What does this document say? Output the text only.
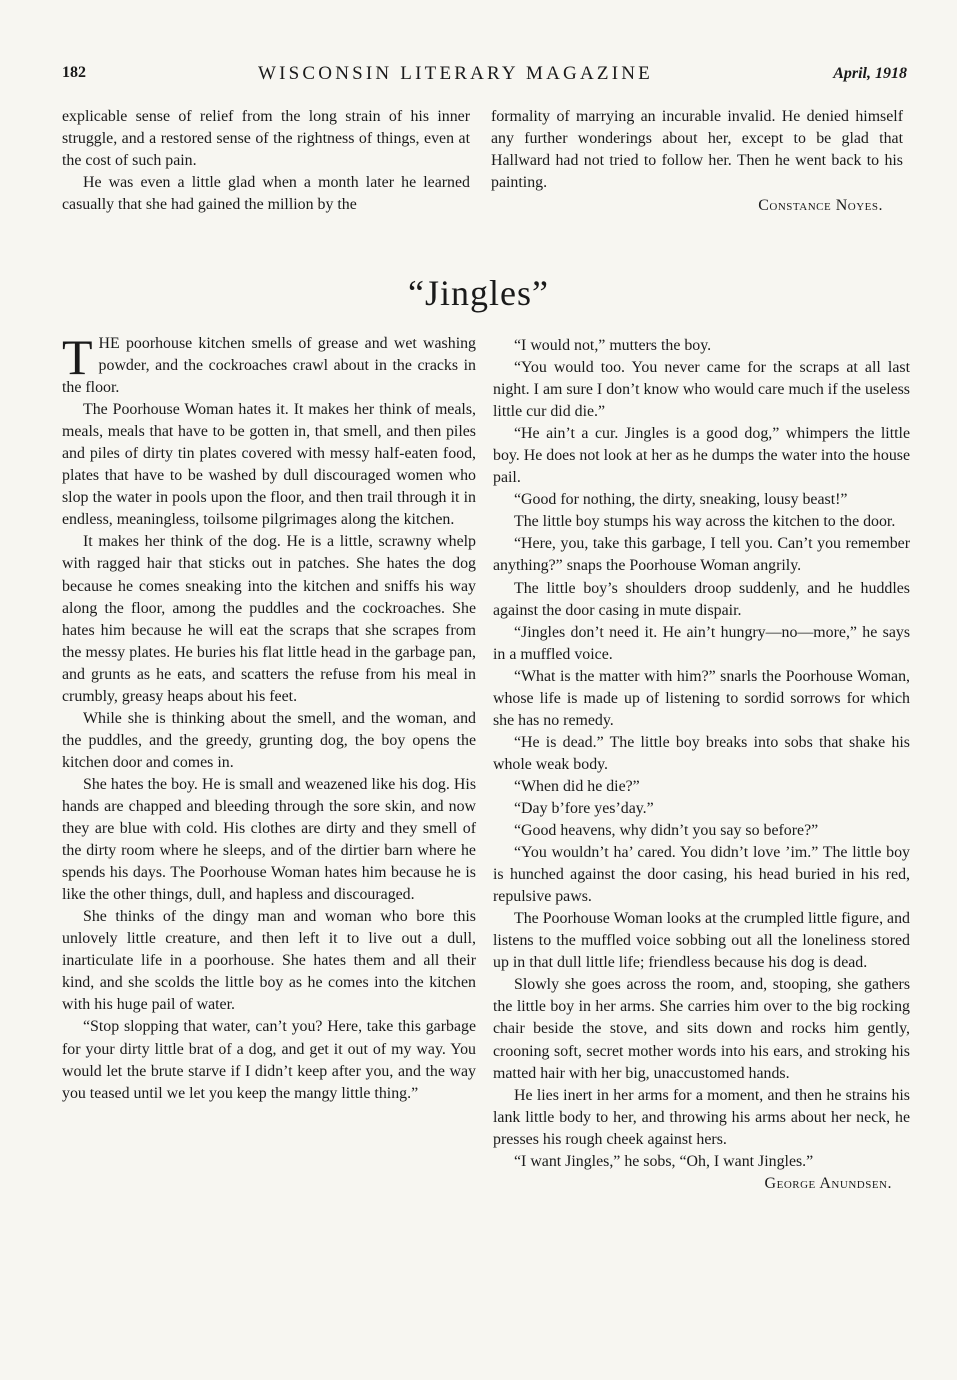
182	WISCONSIN LITERARY MAGAZINE	April, 1918

explicable sense of relief from the long strain of his inner struggle, and a restored sense of the rightness of things, even at the cost of such pain.

He was even a little glad when a month later he learned casually that she had gained the million by the

formality of marrying an incurable invalid. He denied himself any further wonderings about her, except to be glad that Hallward had not tried to follow her. Then he went back to his painting.

Constance Noyes.
“Jingles”

THE poorhouse kitchen smells of grease and wet washing powder, and the cockroaches crawl about in the cracks in the floor.

The Poorhouse Woman hates it. It makes her think of meals, meals, meals that have to be gotten in, that smell, and then piles and piles of dirty tin plates covered with messy half-eaten food, plates that have to be washed by dull discouraged women who slop the water in pools upon the floor, and then trail through it in endless, meaningless, toilsome pilgrimages along the kitchen.

It makes her think of the dog. He is a little, scrawny whelp with ragged hair that sticks out in patches. She hates the dog because he comes sneaking into the kitchen and sniffs his way along the floor, among the puddles and the cockroaches. She hates him because he will eat the scraps that she scrapes from the messy plates. He buries his flat little head in the garbage pan, and grunts as he eats, and scatters the refuse from his meal in crumbly, greasy heaps about his feet.

While she is thinking about the smell, and the woman, and the puddles, and the greedy, grunting dog, the boy opens the kitchen door and comes in.

She hates the boy. He is small and weazened like his dog. His hands are chapped and bleeding through the sore skin, and now they are blue with cold. His clothes are dirty and they smell of the dirty room where he sleeps, and of the dirtier barn where he spends his days. The Poorhouse Woman hates him because he is like the other things, dull, and hapless and discouraged.

She thinks of the dingy man and woman who bore this unlovely little creature, and then left it to live out a dull, inarticulate life in a poorhouse. She hates them and all their kind, and she scolds the little boy as he comes into the kitchen with his huge pail of water.

“Stop slopping that water, can’t you? Here, take this garbage for your dirty little brat of a dog, and get it out of my way. You would let the brute starve if I didn’t keep after you, and the way you teased until we let you keep the mangy little thing.”

“I would not,” mutters the boy.

“You would too. You never came for the scraps at all last night. I am sure I don’t know who would care much if the useless little cur did die.”

“He ain’t a cur. Jingles is a good dog,” whimpers the little boy. He does not look at her as he dumps the water into the house pail.

“Good for nothing, the dirty, sneaking, lousy beast!”

The little boy stumps his way across the kitchen to the door.

“Here, you, take this garbage, I tell you. Can’t you remember anything?” snaps the Poorhouse Woman angrily.

The little boy’s shoulders droop suddenly, and he huddles against the door casing in mute dispair.

“Jingles don’t need it. He ain’t hungry—no—more,” he says in a muffled voice.

“What is the matter with him?” snarls the Poorhouse Woman, whose life is made up of listening to sordid sorrows for which she has no remedy.

“He is dead.” The little boy breaks into sobs that shake his whole weak body.

“When did he die?”

“Day b’fore yes’day.”

“Good heavens, why didn’t you say so before?”

“You wouldn’t ha’ cared. You didn’t love ’im.” The little boy is hunched against the door casing, his head buried in his red, repulsive paws.

The Poorhouse Woman looks at the crumpled little figure, and listens to the muffled voice sobbing out all the loneliness stored up in that dull little life; friendless because his dog is dead.

Slowly she goes across the room, and, stooping, she gathers the little boy in her arms. She carries him over to the big rocking chair beside the stove, and sits down and rocks him gently, crooning soft, secret mother words into his ears, and stroking his matted hair with her big, unaccustomed hands.

He lies inert in her arms for a moment, and then he strains his lank little body to her, and throwing his arms about her neck, he presses his rough cheek against hers.

“I want Jingles,” he sobs, “Oh, I want Jingles.”

George Anundsen.
